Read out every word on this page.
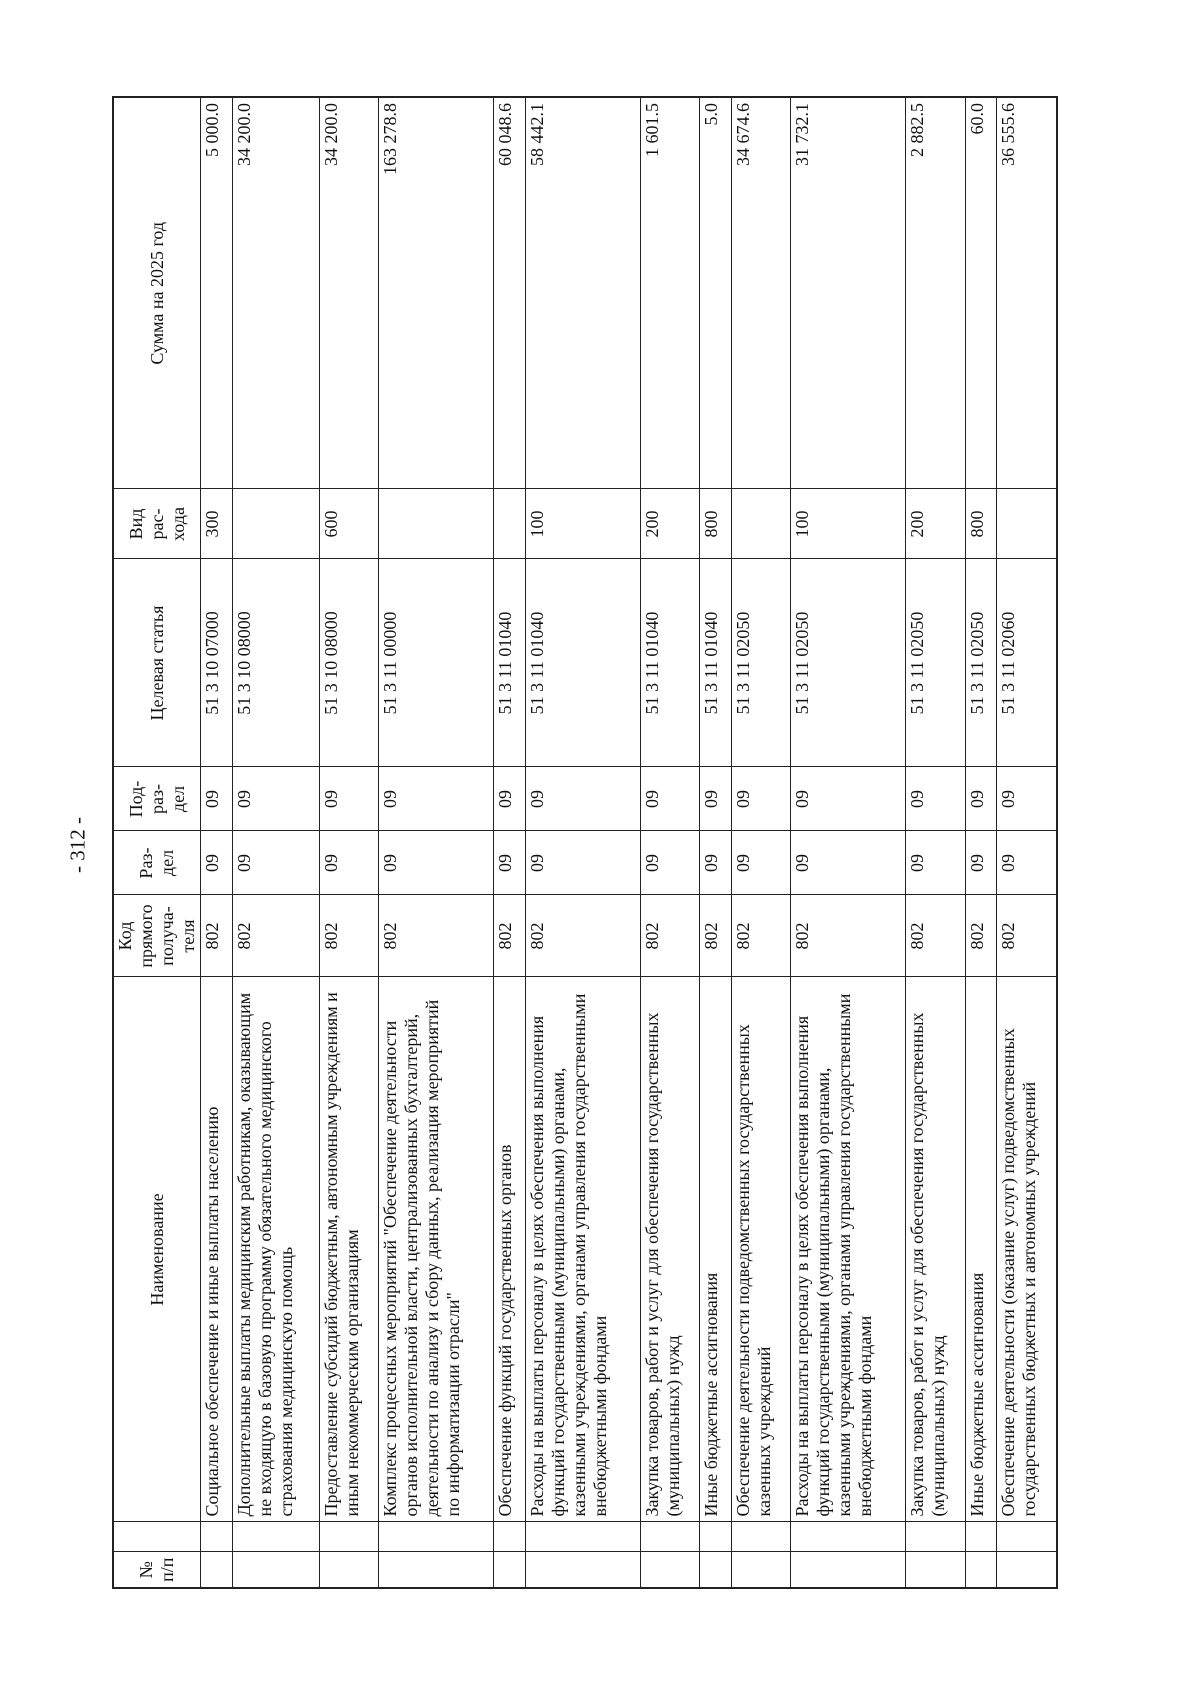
- 312 -
№ п/п		Наименование	Код прямого получа- теля	Раз- дел	Под- раз- дел	Целевая статья	Вид рас- хода	Сумма на 2025 год
		Социальное обеспечение и иные выплаты населению	802	09	09	51 3 10 07000	300	5 000.0
		Дополнительные выплаты медицинским работникам, оказывающим не входящую в базовую программу обязательного медицинского страхования медицинскую помощь	802	09	09	51 3 10 08000		34 200.0
		Предоставление субсидий бюджетным, автономным учреждениям и иным некоммерческим организациям	802	09	09	51 3 10 08000	600	34 200.0
		Комплекс процессных мероприятий "Обеспечение деятельности органов исполнительной власти, централизованных бухгалтерий, деятельности по анализу и сбору данных, реализация мероприятий по информатизации отрасли"	802	09	09	51 3 11 00000		163 278.8
		Обеспечение функций государственных органов	802	09	09	51 3 11 01040		60 048.6
		Расходы на выплаты персоналу в целях обеспечения выполнения функций государственными (муниципальными) органами, казенными учреждениями, органами управления государственными внебюджетными фондами	802	09	09	51 3 11 01040	100	58 442.1
		Закупка товаров, работ и услуг для обеспечения государственных (муниципальных) нужд	802	09	09	51 3 11 01040	200	1 601.5
		Иные бюджетные ассигнования	802	09	09	51 3 11 01040	800	5.0
		Обеспечение деятельности подведомственных государственных казенных учреждений	802	09	09	51 3 11 02050		34 674.6
		Расходы на выплаты персоналу в целях обеспечения выполнения функций государственными (муниципальными) органами, казенными учреждениями, органами управления государственными внебюджетными фондами	802	09	09	51 3 11 02050	100	31 732.1
		Закупка товаров, работ и услуг для обеспечения государственных (муниципальных) нужд	802	09	09	51 3 11 02050	200	2 882.5
		Иные бюджетные ассигнования	802	09	09	51 3 11 02050	800	60.0
		Обеспечение деятельности (оказание услуг) подведомственных государственных бюджетных и автономных учреждений	802	09	09	51 3 11 02060		36 555.6
